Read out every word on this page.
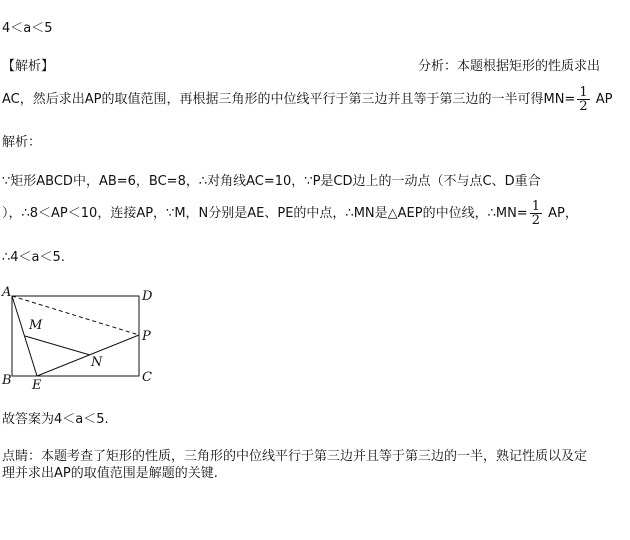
4＜a＜5
【解析】	分析：本题根据矩形的性质求出
AC，然后求出AP的取值范围，再根据三角形的中位线平行于第三边并且等于第三边的一半可得$MN= \frac{1}{2}$ AP
解析：
∵矩形ABCD中，AB=6，BC=8，∴对角线AC=10，∵P是CD边上的一动点（不与点C、D重合
），∴8＜AP＜10，连接AP，∵M，N分别是AE、PE的中点，∴MN是△AEP的中位线，∴MN= $\frac{1}{2}$ AP，
∴4＜a＜5.
A	D
B	C
M
N
P
E
故答案为4＜a＜5.
点睛：本题考查了矩形的性质，三角形的中位线平行于第三边并且等于第三边的一半，熟记性质以及定
理并求出AP的取值范围是解题的关键.
